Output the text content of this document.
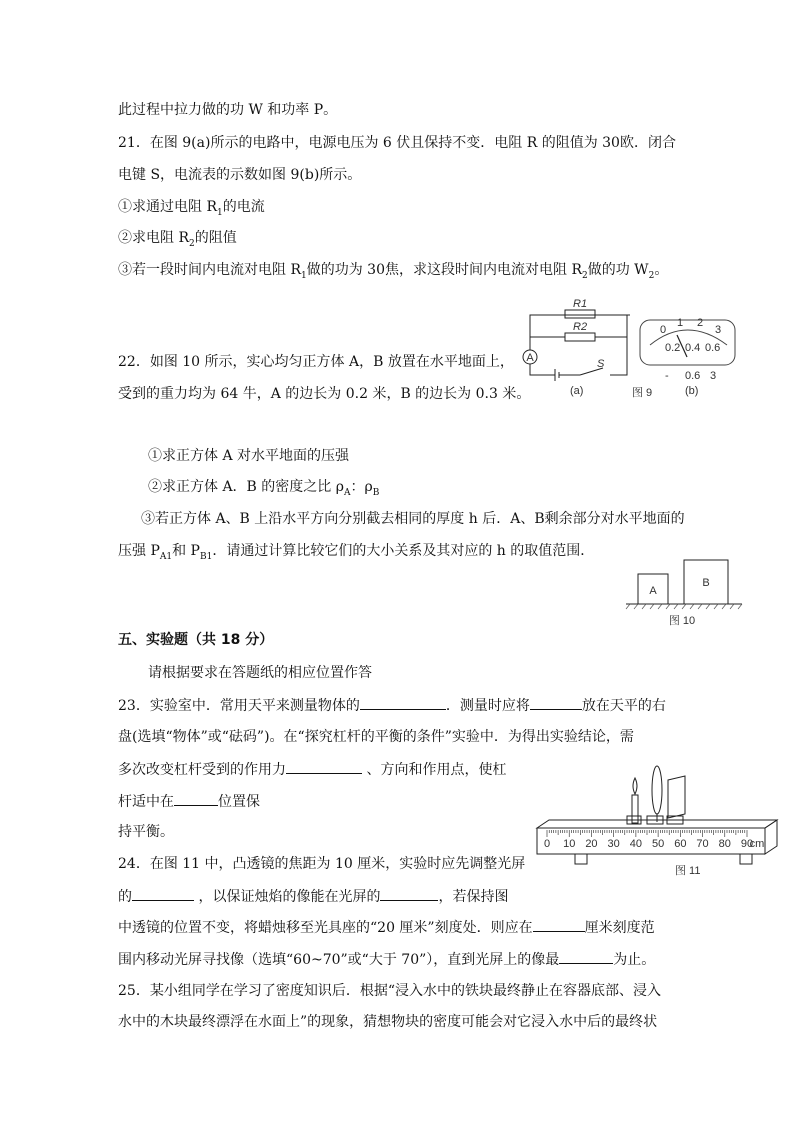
此过程中拉力做的功 W 和功率 P。
21．在图 9(a)所示的电路中，电源电压为 6 伏且保持不变．电阻 R 的阻值为 30欧．闭合
电键 S，电流表的示数如图 9(b)所示。
①求通过电阻 $R_1$的电流
②求电阻 $R_2$的阻值
③若一段时间内电流对电阻 $R_1$做的功为 30焦，求这段时间内电流对电阻 $R_2$做的功 $W_2$。
22．如图 10 所示，实心均匀正方体 A，B 放置在水平地面上，
受到的重力均为 64 牛，A 的边长为 0.2 米，B 的边长为 0.3 米。
①求正方体 A 对水平地面的压强
②求正方体 A．B 的密度之比 $\rho_A$：$\rho_B$
③若正方体 A、B 上沿水平方向分别截去相同的厚度 h 后．A、B剩余部分对水平地面的
压强 $P_{A1}$和 $P_{B1}$．请通过计算比较它们的大小关系及其对应的 h 的取值范围．
五、实验题（共 18 分）
请根据要求在答题纸的相应位置作答
23．实验室中．常用天平来测量物体的	．测量时应将	放在天平的右
盘(选填“物体”或“砝码”)。在“探究杠杆的平衡的条件”实验中．为得出实验结论，需
多次改变杠杆受到的作用力	、方向和作用点，使杠
杆适中在	位置保
持平衡。
24．在图 11 中，凸透镜的焦距为 10 厘米，实验时应先调整光屏
的	，以保证烛焰的像能在光屏的	，若保持图
中透镜的位置不变，将蜡烛移至光具座的“20 厘米”刻度处．则应在	厘米刻度范
围内移动光屏寻找像（选填“60~70”或“大于 70”），直到光屏上的像最	为止。
25．某小组同学在学习了密度知识后．根据“浸入水中的铁块最终静止在容器底部、浸入
水中的木块最终漂浮在水面上”的现象，猜想物块的密度可能会对它浸入水中后的最终状
A
R1
R2
S
(a)
0
1 2
3
0.2 0.4 0.6
- 0.6 3
(b)
图 9
A
B
图 10
0 10 20 30 40 50 60 70 80 90
cm
图 11
